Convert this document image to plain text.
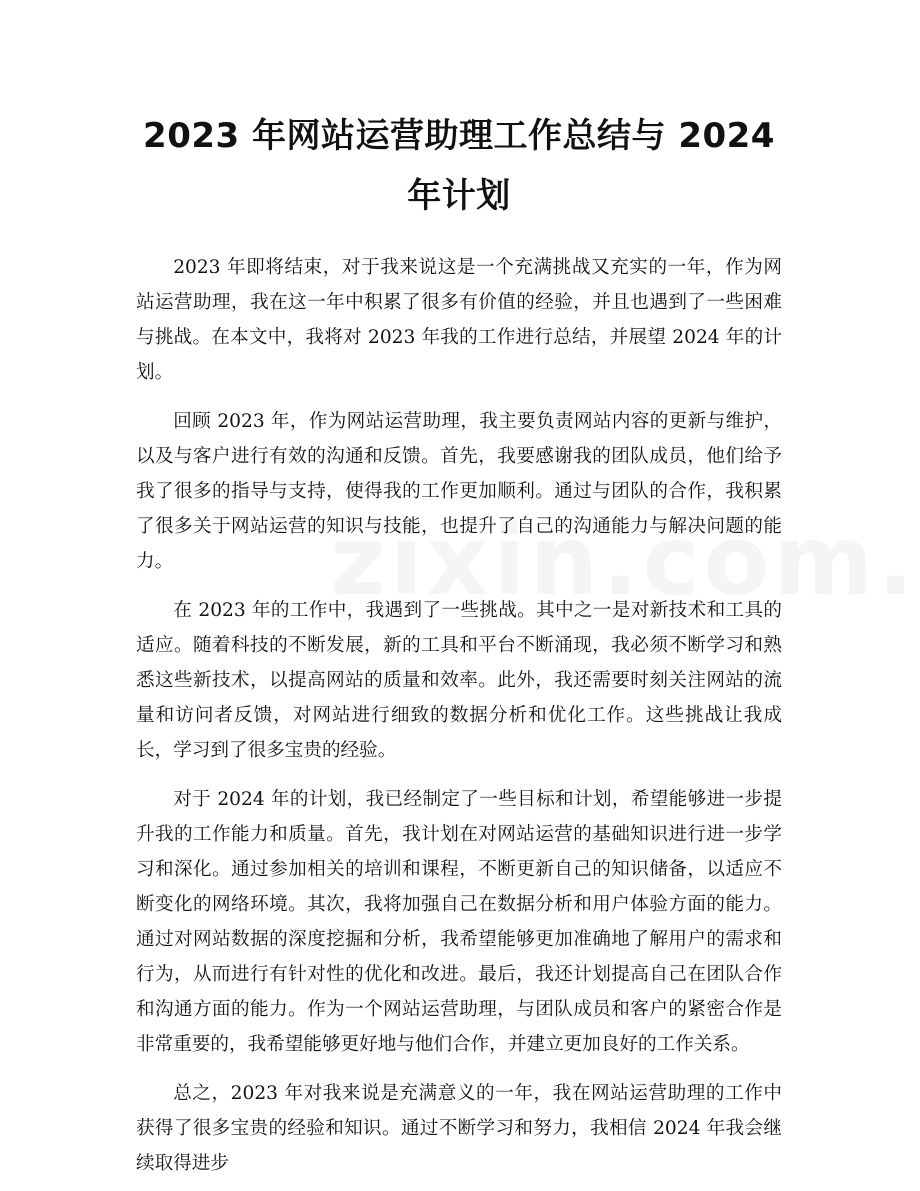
2023 年网站运营助理工作总结与 2024 年计划

2023 年即将结束，对于我来说这是一个充满挑战又充实的一年，作为网站运营助理，我在这一年中积累了很多有价值的经验，并且也遇到了一些困难与挑战。在本文中，我将对 2023 年我的工作进行总结，并展望 2024 年的计划。

回顾 2023 年，作为网站运营助理，我主要负责网站内容的更新与维护，以及与客户进行有效的沟通和反馈。首先，我要感谢我的团队成员，他们给予我了很多的指导与支持，使得我的工作更加顺利。通过与团队的合作，我积累了很多关于网站运营的知识与技能，也提升了自己的沟通能力与解决问题的能力。

在 2023 年的工作中，我遇到了一些挑战。其中之一是对新技术和工具的适应。随着科技的不断发展，新的工具和平台不断涌现，我必须不断学习和熟悉这些新技术，以提高网站的质量和效率。此外，我还需要时刻关注网站的流量和访问者反馈，对网站进行细致的数据分析和优化工作。这些挑战让我成长，学习到了很多宝贵的经验。

对于 2024 年的计划，我已经制定了一些目标和计划，希望能够进一步提升我的工作能力和质量。首先，我计划在对网站运营的基础知识进行进一步学习和深化。通过参加相关的培训和课程，不断更新自己的知识储备，以适应不断变化的网络环境。其次，我将加强自己在数据分析和用户体验方面的能力。通过对网站数据的深度挖掘和分析，我希望能够更加准确地了解用户的需求和行为，从而进行有针对性的优化和改进。最后，我还计划提高自己在团队合作和沟通方面的能力。作为一个网站运营助理，与团队成员和客户的紧密合作是非常重要的，我希望能够更好地与他们合作，并建立更加良好的工作关系。

总之，2023 年对我来说是充满意义的一年，我在网站运营助理的工作中获得了很多宝贵的经验和知识。通过不断学习和努力，我相信 2024 年我会继续取得进步
